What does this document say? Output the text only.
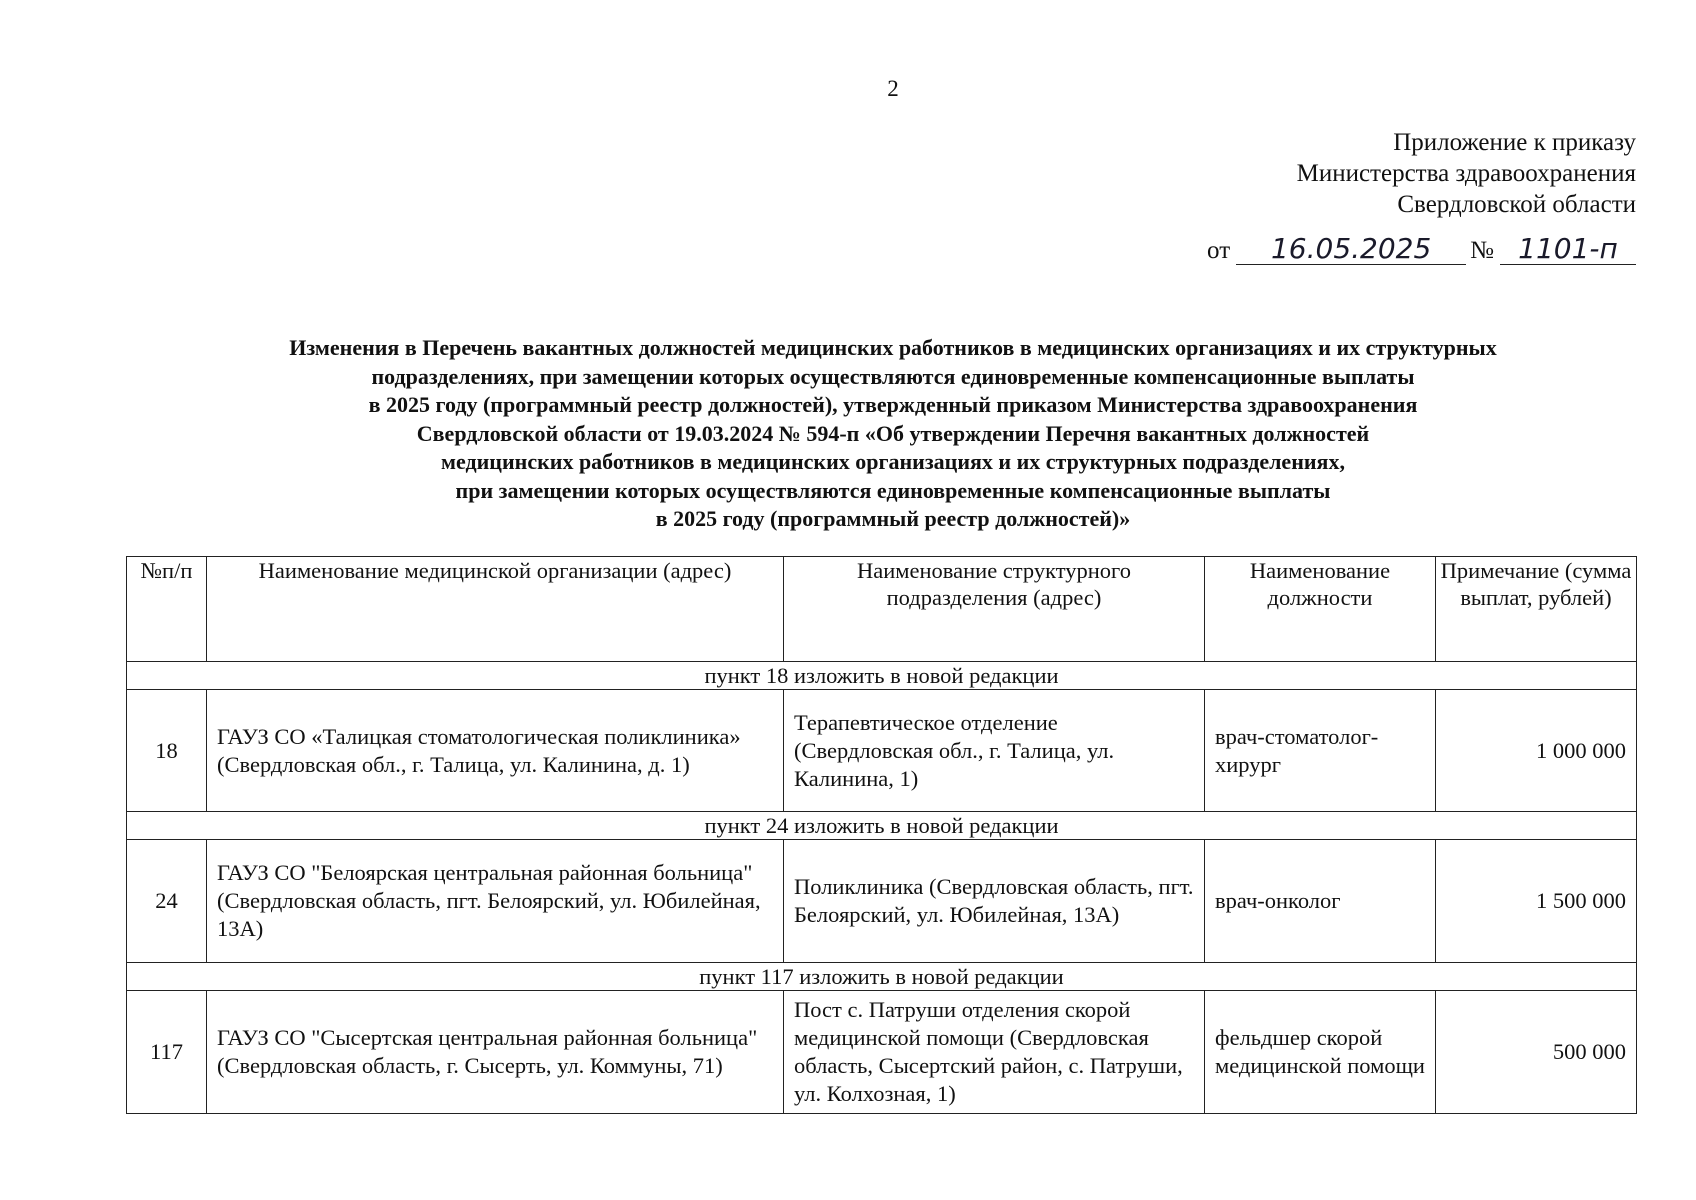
2
Приложение к приказу
Министерства здравоохранения
Свердловской области
от	16.05.2025	№ 1101-п
Изменения в Перечень вакантных должностей медицинских работников в медицинских организациях и их структурных
подразделениях, при замещении которых осуществляются единовременные компенсационные выплаты
в 2025 году (программный реестр должностей), утвержденный приказом Министерства здравоохранения
Свердловской области от 19.03.2024 № 594-п «Об утверждении Перечня вакантных должностей
медицинских работников в медицинских организациях и их структурных подразделениях,
при замещении которых осуществляются единовременные компенсационные выплаты
в 2025 году (программный реестр должностей)»
№п/п	Наименование медицинской организации (адрес)	Наименование структурного подразделения (адрес)	Наименование должности	Примечание (сумма выплат, рублей)
пункт 18 изложить в новой редакции				
18	ГАУЗ СО «Талицкая стоматологическая поликлиника» (Свердловская обл., г. Талица, ул. Калинина, д. 1)	Терапевтическое отделение (Свердловская обл., г. Талица, ул. Калинина, 1)	врач-стоматолог-хирург	1 000 000
пункт 24 изложить в новой редакции				
24	ГАУЗ СО "Белоярская центральная районная больница" (Свердловская область, пгт. Белоярский, ул. Юбилейная, 13А)	Поликлиника (Свердловская область, пгт. Белоярский, ул. Юбилейная, 13А)	врач-онколог	1 500 000
пункт 117 изложить в новой редакции				
117	ГАУЗ СО "Сысертская центральная районная больница" (Свердловская область, г. Сысерть, ул. Коммуны, 71)	Пост с. Патруши отделения скорой медицинской помощи (Свердловская область, Сысертский район, с. Патруши, ул. Колхозная, 1)	фельдшер скорой медицинской помощи	500 000
